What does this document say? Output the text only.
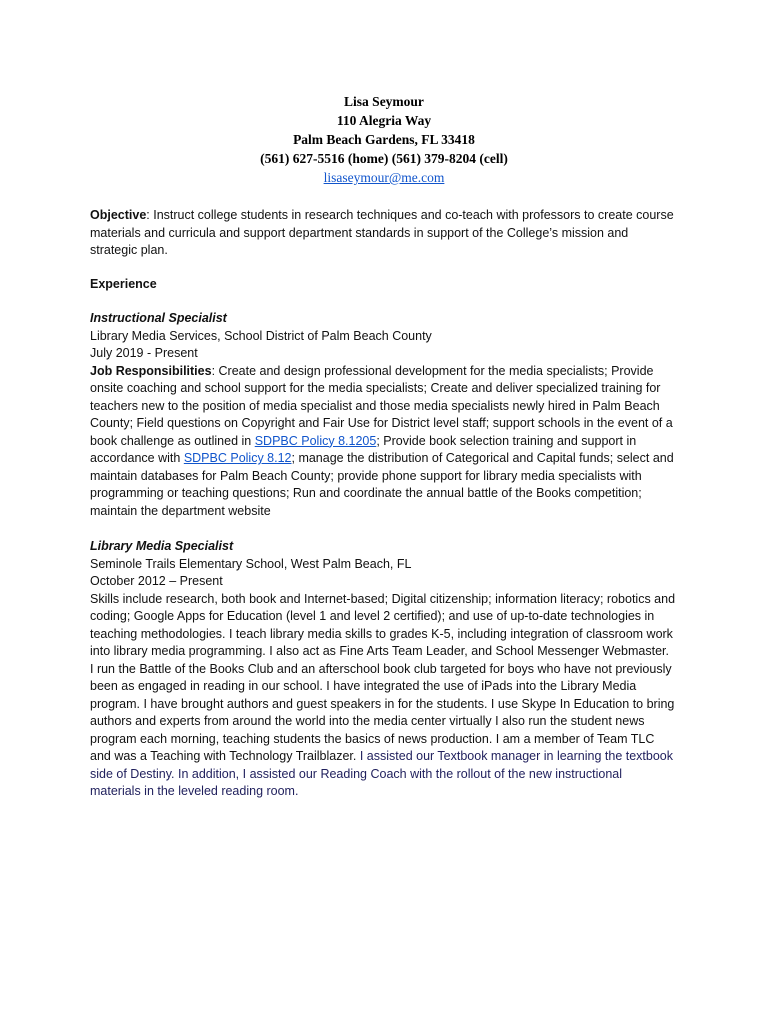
Lisa Seymour
110 Alegria Way
Palm Beach Gardens, FL 33418
(561) 627-5516 (home) (561) 379-8204 (cell)
lisaseymour@me.com
Objective: Instruct college students in research techniques and co-teach with professors to create course
materials and curricula and support department standards in support of the College’s mission and
strategic plan.
Experience
Instructional Specialist
Library Media Services, School District of Palm Beach County
July 2019 - Present
Job Responsibilities: Create and design professional development for the media specialists; Provide
onsite coaching and school support for the media specialists; Create and deliver specialized training for
teachers new to the position of media specialist and those media specialists newly hired in Palm Beach
County; Field questions on Copyright and Fair Use for District level staff; support schools in the event of a
book challenge as outlined in SDPBC Policy 8.1205; Provide book selection training and support in
accordance with SDPBC Policy 8.12; manage the distribution of Categorical and Capital funds; select and
maintain databases for Palm Beach County; provide phone support for library media specialists with
programming or teaching questions; Run and coordinate the annual battle of the Books competition;
maintain the department website
Library Media Specialist
Seminole Trails Elementary School, West Palm Beach, FL
October 2012 – Present
Skills include research, both book and Internet-based; Digital citizenship; information literacy; robotics and
coding; Google Apps for Education (level 1 and level 2 certified); and use of up-to-date technologies in
teaching methodologies. I teach library media skills to grades K-5, including integration of classroom work
into library media programming. I also act as Fine Arts Team Leader, and School Messenger Webmaster.
I run the Battle of the Books Club and an afterschool book club targeted for boys who have not previously
been as engaged in reading in our school. I have integrated the use of iPads into the Library Media
program. I have brought authors and guest speakers in for the students. I use Skype In Education to bring
authors and experts from around the world into the media center virtually I also run the student news
program each morning, teaching students the basics of news production. I am a member of Team TLC
and was a Teaching with Technology Trailblazer. I assisted our Textbook manager in learning the textbook
side of Destiny. In addition, I assisted our Reading Coach with the rollout of the new instructional
materials in the leveled reading room.
